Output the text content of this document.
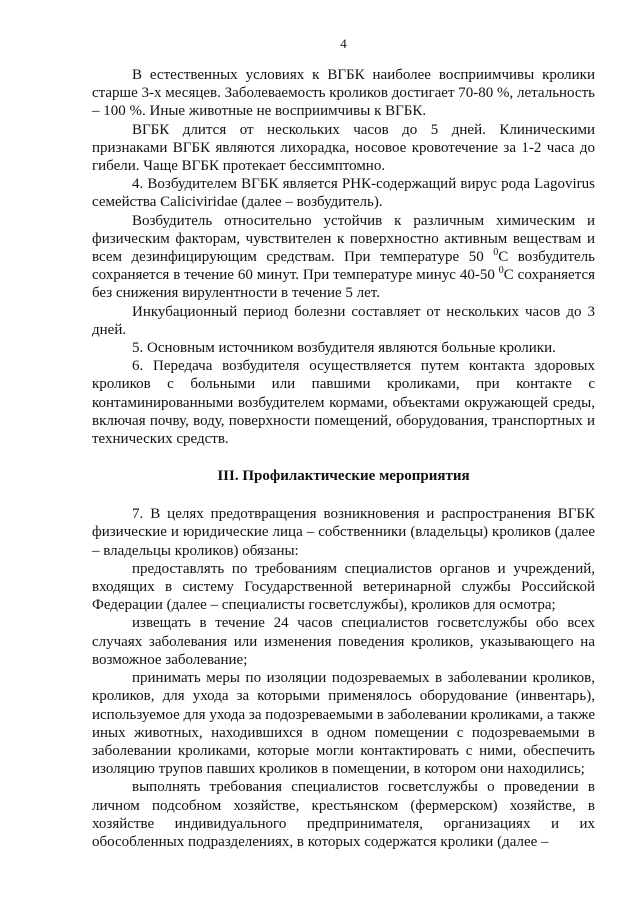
4

В естественных условиях к ВГБК наиболее восприимчивы кролики старше 3-х месяцев. Заболеваемость кроликов достигает 70-80 %, летальность – 100 %. Иные животные не восприимчивы к ВГБК.

ВГБК длится от нескольких часов до 5 дней. Клиническими признаками ВГБК являются лихорадка, носовое кровотечение за 1-2 часа до гибели. Чаще ВГБК протекает бессимптомно.

4. Возбудителем ВГБК является РНК-содержащий вирус рода Lagovirus семейства Caliciviridae (далее – возбудитель).

Возбудитель относительно устойчив к различным химическим и физическим факторам, чувствителен к поверхностно активным веществам и всем дезинфицирующим средствам. При температуре 50 $^0$С возбудитель сохраняется в течение 60 минут. При температуре минус 40-50 $^0$С сохраняется без снижения вирулентности в течение 5 лет.

Инкубационный период болезни составляет от нескольких часов до 3 дней.

5. Основным источником возбудителя являются больные кролики.

6. Передача возбудителя осуществляется путем контакта здоровых кроликов с больными или павшими кроликами, при контакте с контаминированными возбудителем кормами, объектами окружающей среды, включая почву, воду, поверхности помещений, оборудования, транспортных и технических средств.

III. Профилактические мероприятия

7. В целях предотвращения возникновения и распространения ВГБК физические и юридические лица – собственники (владельцы) кроликов (далее – владельцы кроликов) обязаны:

предоставлять по требованиям специалистов органов и учреждений, входящих в систему Государственной ветеринарной службы Российской Федерации (далее – специалисты госветслужбы), кроликов для осмотра;

извещать в течение 24 часов специалистов госветслужбы обо всех случаях заболевания или изменения поведения кроликов, указывающего на возможное заболевание;

принимать меры по изоляции подозреваемых в заболевании кроликов, кроликов, для ухода за которыми применялось оборудование (инвентарь), используемое для ухода за подозреваемыми в заболевании кроликами, а также иных животных, находившихся в одном помещении с подозреваемыми в заболевании кроликами, которые могли контактировать с ними, обеспечить изоляцию трупов павших кроликов в помещении, в котором они находились;

выполнять требования специалистов госветслужбы о проведении в личном подсобном хозяйстве, крестьянском (фермерском) хозяйстве, в хозяйстве индивидуального предпринимателя, организациях и их обособленных подразделениях, в которых содержатся кролики (далее –
